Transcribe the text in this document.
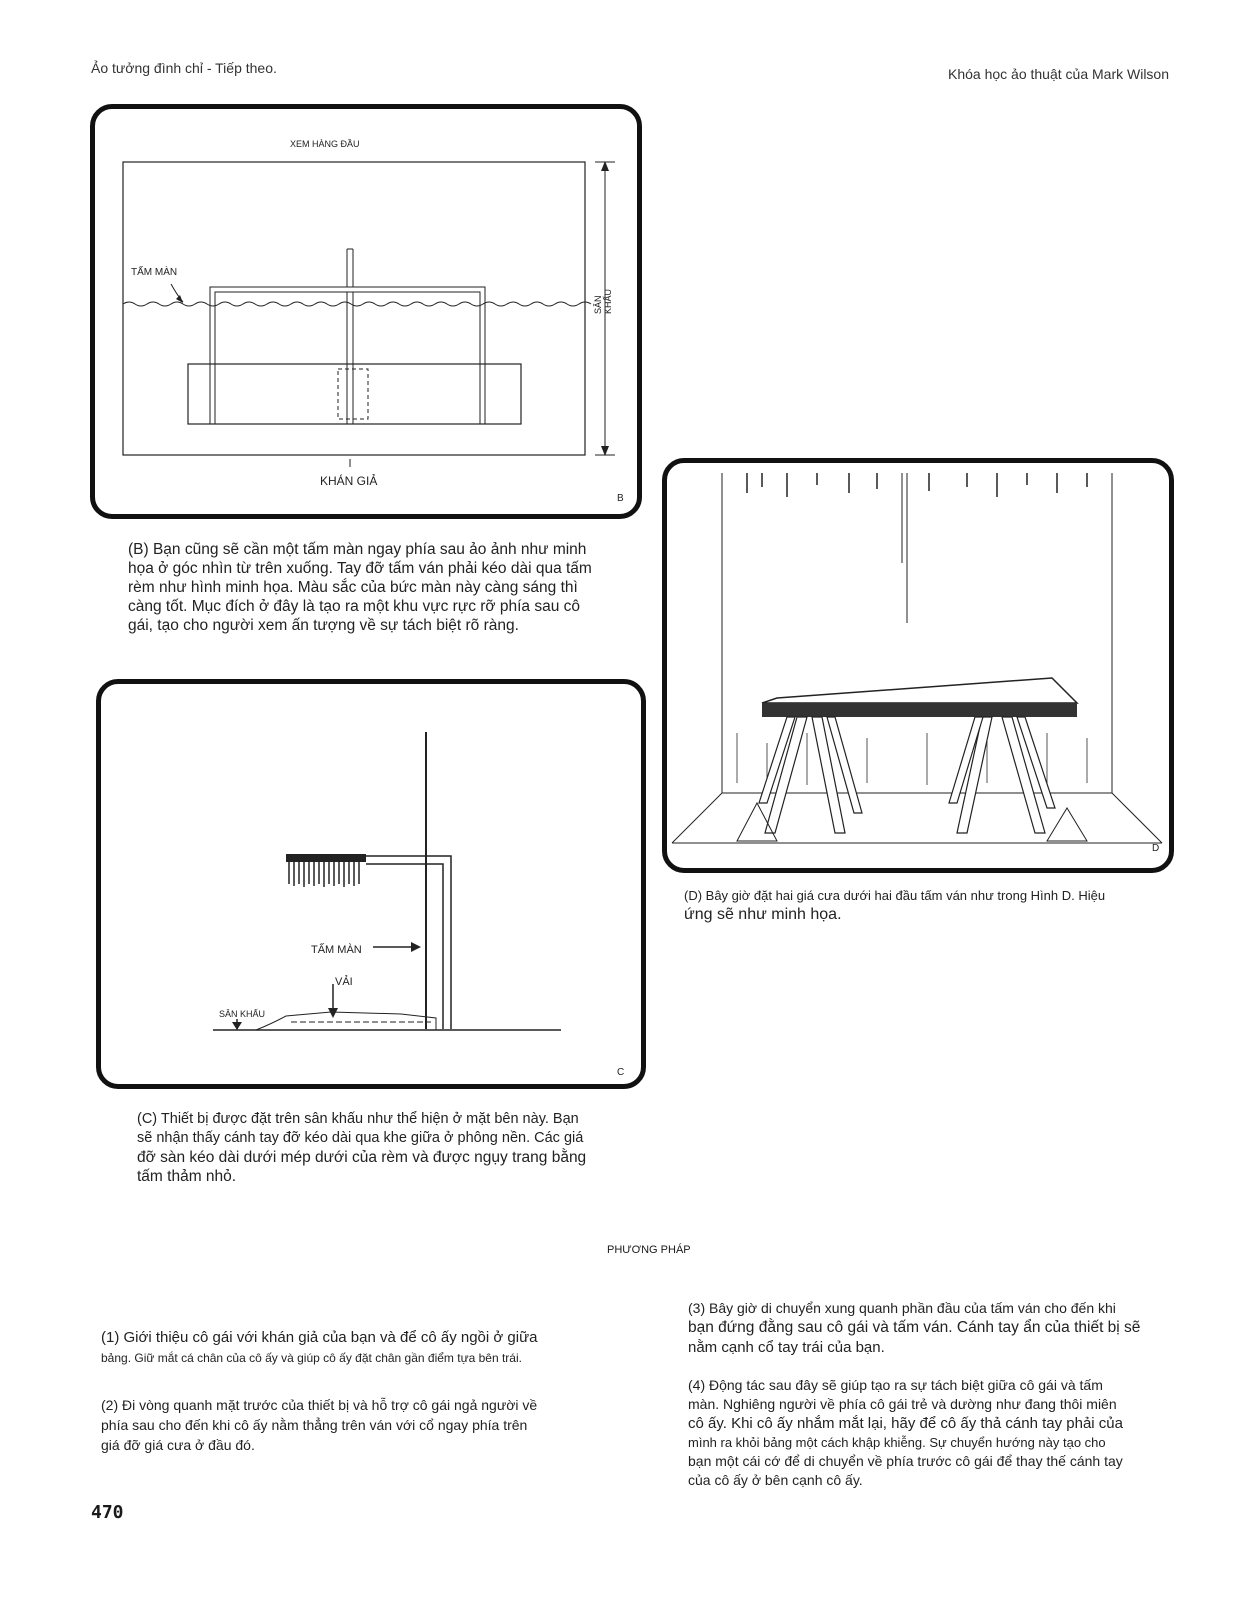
Ảo tưởng đình chỉ - Tiếp theo.	Khóa học ảo thuật của Mark Wilson
XEM HÀNG ĐẦU
TẤM MÀN
SÂN KHẤU
KHÁN GIẢ
B
(B) Bạn cũng sẽ cần một tấm màn ngay phía sau ảo ảnh như minh
họa ở góc nhìn từ trên xuống. Tay đỡ tấm ván phải kéo dài qua tấm
rèm như hình minh họa. Màu sắc của bức màn này càng sáng thì
càng tốt. Mục đích ở đây là tạo ra một khu vực rực rỡ phía sau cô
gái, tạo cho người xem ấn tượng về sự tách biệt rõ ràng.
D
(D) Bây giờ đặt hai giá cưa dưới hai đầu tấm ván như trong Hình D. Hiệu
ứng sẽ như minh họa.
TẤM MÀN
VẢI
SÂN KHẤU
C
(C) Thiết bị được đặt trên sân khấu như thể hiện ở mặt bên này. Bạn
sẽ nhận thấy cánh tay đỡ kéo dài qua khe giữa ở phông nền. Các giá
đỡ sàn kéo dài dưới mép dưới của rèm và được ngụy trang bằng
tấm thảm nhỏ.
PHƯƠNG PHÁP
(1) Giới thiệu cô gái với khán giả của bạn và để cô ấy ngồi ở giữa
bảng. Giữ mắt cá chân của cô ấy và giúp cô ấy đặt chân gần điểm tựa bên trái.
(2) Đi vòng quanh mặt trước của thiết bị và hỗ trợ cô gái ngả người về
phía sau cho đến khi cô ấy nằm thẳng trên ván với cổ ngay phía trên
giá đỡ giá cưa ở đầu đó.
(3) Bây giờ di chuyển xung quanh phần đầu của tấm ván cho đến khi
bạn đứng đằng sau cô gái và tấm ván. Cánh tay ẩn của thiết bị sẽ
nằm cạnh cổ tay trái của bạn.
(4) Động tác sau đây sẽ giúp tạo ra sự tách biệt giữa cô gái và tấm
màn. Nghiêng người về phía cô gái trẻ và dường như đang thôi miên
cô ấy. Khi cô ấy nhắm mắt lại, hãy để cô ấy thả cánh tay phải của
mình ra khỏi bảng một cách khập khiễng. Sự chuyển hướng này tạo cho
bạn một cái cớ để di chuyển về phía trước cô gái để thay thế cánh tay
của cô ấy ở bên cạnh cô ấy.
470
